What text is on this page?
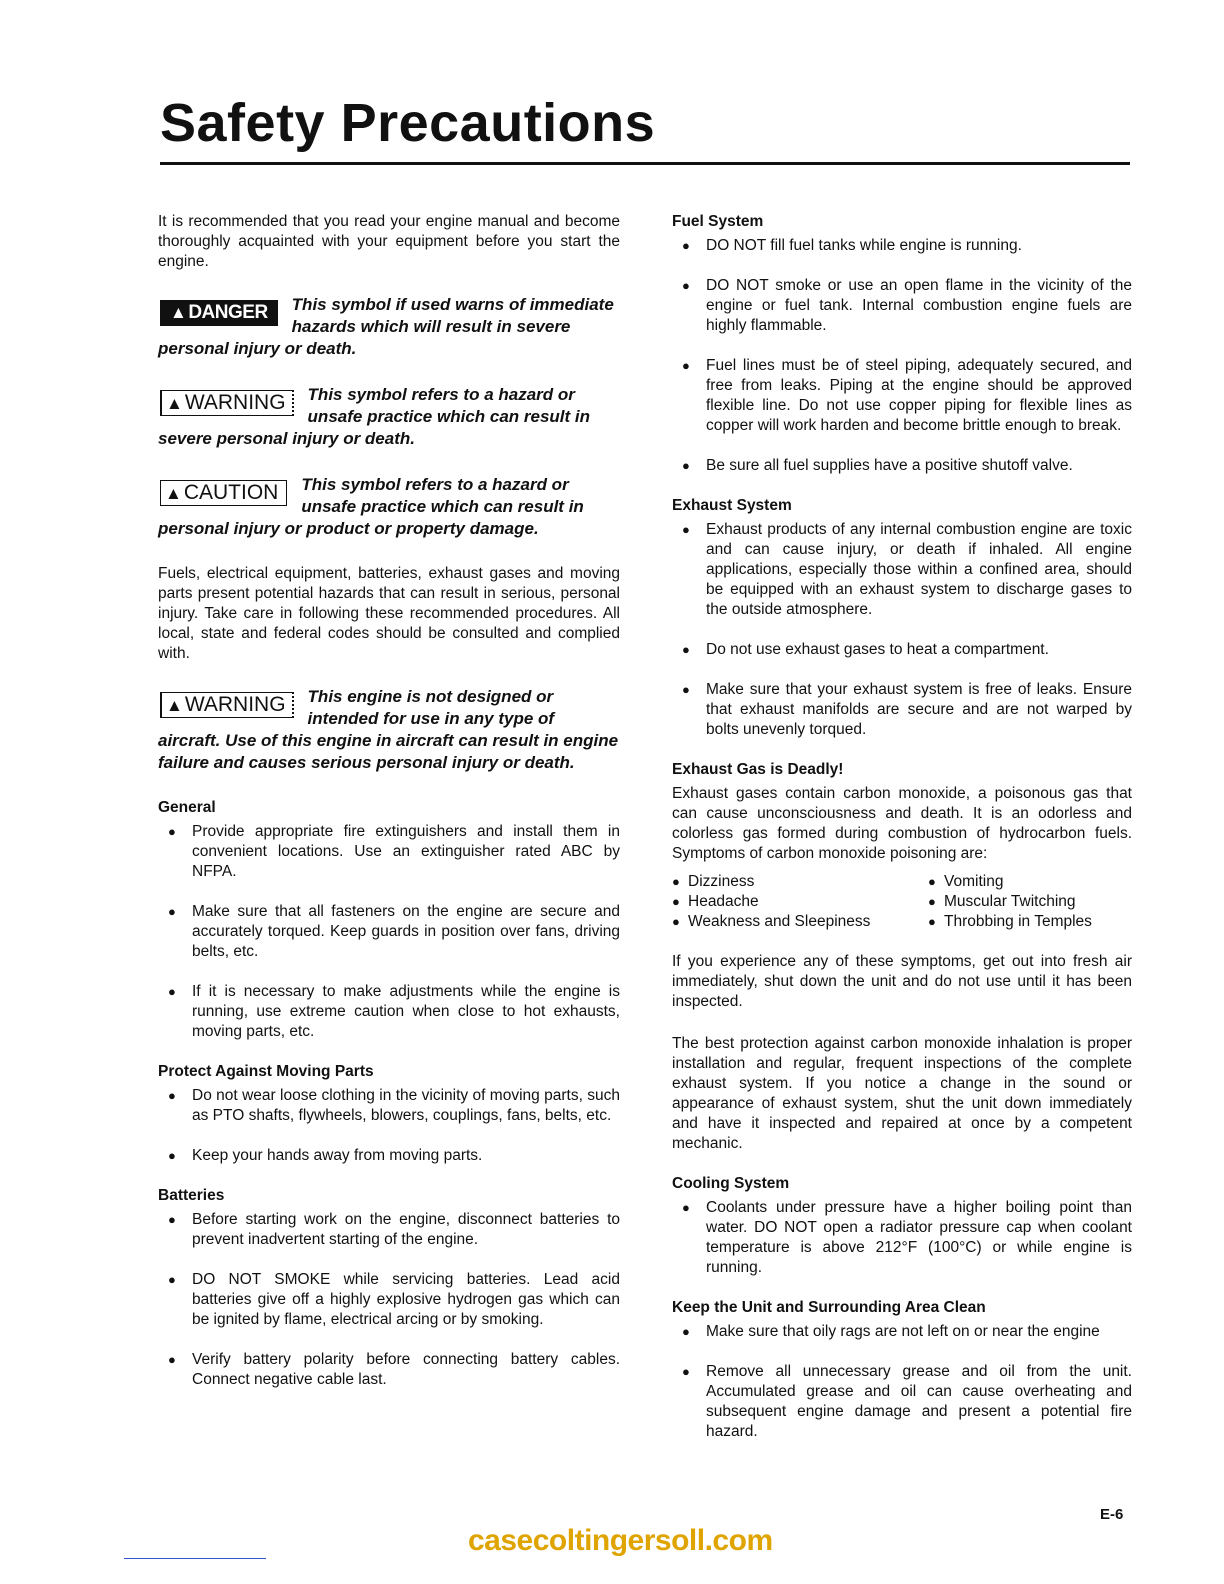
Safety Precautions

It is recommended that you read your engine manual and become thoroughly acquainted with your equipment before you start the engine.

▲ DANGER	This symbol if used warns of immediate hazards which will result in severe personal injury or death.

▲WARNING	This symbol refers to a hazard or unsafe practice which can result in severe personal injury or death.

▲CAUTION	This symbol refers to a hazard or unsafe practice which can result in personal injury or product or property damage.

Fuels, electrical equipment, batteries, exhaust gases and moving parts present potential hazards that can result in serious, personal injury. Take care in following these recommended procedures. All local, state and federal codes should be consulted and complied with.

▲WARNING	This engine is not designed or intended for use in any type of aircraft. Use of this engine in aircraft can result in engine failure and causes serious personal injury or death.

General
● Provide appropriate fire extinguishers and install them in convenient locations. Use an extinguisher rated ABC by NFPA.
● Make sure that all fasteners on the engine are secure and accurately torqued. Keep guards in position over fans, driving belts, etc.
● If it is necessary to make adjustments while the engine is running, use extreme caution when close to hot exhausts, moving parts, etc.
Protect Against Moving Parts
● Do not wear loose clothing in the vicinity of moving parts, such as PTO shafts, flywheels, blowers, couplings, fans, belts, etc.
● Keep your hands away from moving parts.
Batteries
● Before starting work on the engine, disconnect batteries to prevent inadvertent starting of the engine.
● DO NOT SMOKE while servicing batteries. Lead acid batteries give off a highly explosive hydrogen gas which can be ignited by flame, electrical arcing or by smoking.
● Verify battery polarity before connecting battery cables. Connect negative cable last.
Fuel System
● DO NOT fill fuel tanks while engine is running.
● DO NOT smoke or use an open flame in the vicinity of the engine or fuel tank. Internal combustion engine fuels are highly flammable.
● Fuel lines must be of steel piping, adequately secured, and free from leaks. Piping at the engine should be approved flexible line. Do not use copper piping for flexible lines as copper will work harden and become brittle enough to break.
● Be sure all fuel supplies have a positive shutoff valve.
Exhaust System
● Exhaust products of any internal combustion engine are toxic and can cause injury, or death if inhaled. All engine applications, especially those within a confined area, should be equipped with an exhaust system to discharge gases to the outside atmosphere.
● Do not use exhaust gases to heat a compartment.
● Make sure that your exhaust system is free of leaks. Ensure that exhaust manifolds are secure and are not warped by bolts unevenly torqued.
Exhaust Gas is Deadly!

Exhaust gases contain carbon monoxide, a poisonous gas that can cause unconsciousness and death. It is an odorless and colorless gas formed during combustion of hydrocarbon fuels. Symptoms of carbon monoxide poisoning are:

● Dizziness	● Vomiting
● Headache	● Muscular Twitching
● Weakness and Sleepiness	● Throbbing in Temples

If you experience any of these symptoms, get out into fresh air immediately, shut down the unit and do not use until it has been inspected.

The best protection against carbon monoxide inhalation is proper installation and regular, frequent inspections of the complete exhaust system. If you notice a change in the sound or appearance of exhaust system, shut the unit down immediately and have it inspected and repaired at once by a competent mechanic.

Cooling System
● Coolants under pressure have a higher boiling point than water. DO NOT open a radiator pressure cap when coolant temperature is above 212°F (100°C) or while engine is running.
Keep the Unit and Surrounding Area Clean
● Make sure that oily rags are not left on or near the engine
● Remove all unnecessary grease and oil from the unit. Accumulated grease and oil can cause overheating and subsequent engine damage and present a potential fire hazard.
E-6
casecoltingersoll.com
